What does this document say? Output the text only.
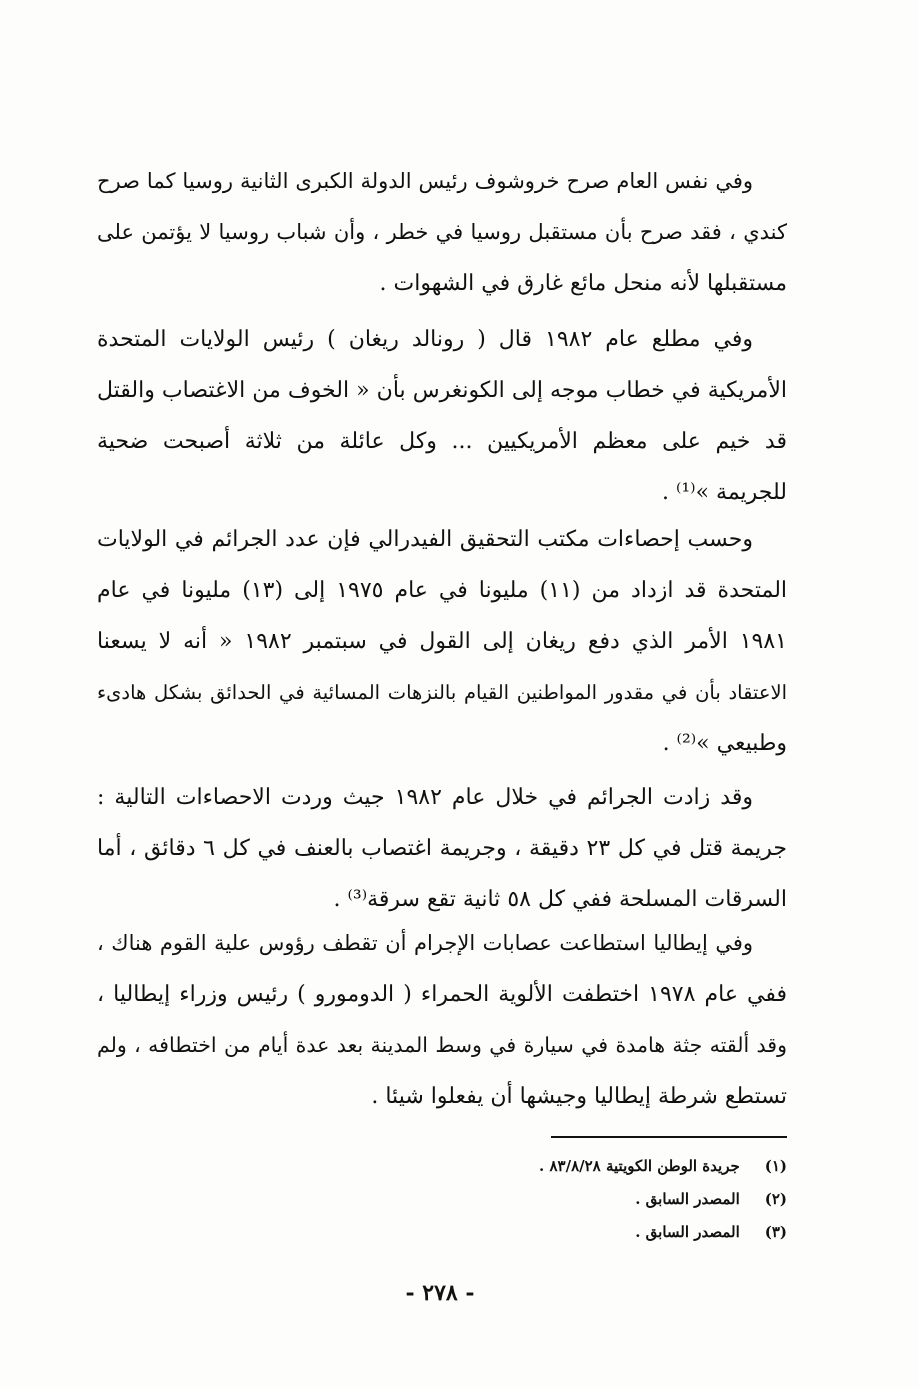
وفي نفس العام صرح خروشوف رئيس الدولة الكبرى الثانية روسيا كما صرح
كندي ، فقد صرح بأن مستقبل روسيا في خطر ، وأن شباب روسيا لا يؤتمن على
مستقبلها لأنه منحل مائع غارق في الشهوات .
وفي مطلع عام ١٩٨٢ قال ( رونالد ريغان ) رئيس الولايات المتحدة
الأمريكية في خطاب موجه إلى الكونغرس بأن « الخوف من الاغتصاب والقتل
قد خيم على معظم الأمريكيين ... وكل عائلة من ثلاثة أصبحت ضحية
للجريمة »⁽¹⁾ .
وحسب إحصاءات مكتب التحقيق الفيدرالي فإن عدد الجرائم في الولايات
المتحدة قد ازداد من (١١) مليونا في عام ١٩٧٥ إلى (١٣) مليونا في عام
١٩٨١ الأمر الذي دفع ريغان إلى القول في سبتمبر ١٩٨٢ « أنه لا يسعنا
الاعتقاد بأن في مقدور المواطنين القيام بالنزهات المسائية في الحدائق بشكل هادىء
وطبيعي »⁽²⁾ .
وقد زادت الجرائم في خلال عام ١٩٨٢ جيث وردت الاحصاءات التالية :
جريمة قتل في كل ٢٣ دقيقة ، وجريمة اغتصاب بالعنف في كل ٦ دقائق ، أما
السرقات المسلحة ففي كل ٥٨ ثانية تقع سرقة⁽³⁾ .
وفي إيطاليا استطاعت عصابات الإجرام أن تقطف رؤوس علية القوم هناك ،
ففي عام ١٩٧٨ اختطفت الألوية الحمراء ( الدومورو ) رئيس وزراء إيطاليا ،
وقد ألقته جثة هامدة في سيارة في وسط المدينة بعد عدة أيام من اختطافه ، ولم
تستطع شرطة إيطاليا وجيشها أن يفعلوا شيئا .
(١) جريدة الوطن الكويتية ٨٣/٨/٢٨ .
(٢) المصدر السابق .
(٣) المصدر السابق .
- ٢٧٨ -
